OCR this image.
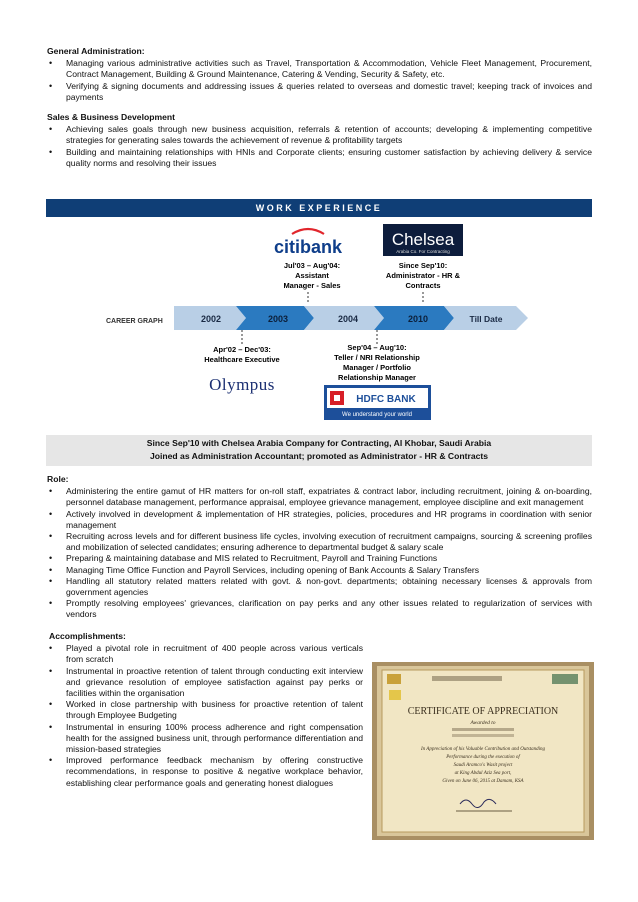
General Administration:
• Managing various administrative activities such as Travel, Transportation & Accommodation, Vehicle Fleet Management, Procurement, Contract Management, Building & Ground Maintenance, Catering & Vending, Security & Safety, etc.
• Verifying & signing documents and addressing issues & queries related to overseas and domestic travel; keeping track of invoices and payments
Sales & Business Development
• Achieving sales goals through new business acquisition, referrals & retention of accounts; developing & implementing competitive strategies for generating sales towards the achievement of revenue & profitability targets
• Building and maintaining relationships with HNIs and Corporate clients; ensuring customer satisfaction by achieving delivery & service quality norms and resolving their issues
WORK EXPERIENCE
citibank
Jul'03 – Aug'04:
Assistant
Manager - Sales
Chelsea
Arabia Co. For Contracting
Since Sep'10:
Administrator - HR &
Contracts
CAREER GRAPH	2002	2003	2004	2010	Till Date
Apr'02 – Dec'03:
Healthcare Executive
Olympus
Sep'04 – Aug'10:
Teller / NRI Relationship
Manager / Portfolio
Relationship Manager
HDFC BANK
We understand your world
Since Sep'10 with Chelsea Arabia Company for Contracting, Al Khobar, Saudi Arabia
Joined as Administration Accountant; promoted as Administrator - HR & Contracts
Role:
• Administering the entire gamut of HR matters for on-roll staff, expatriates & contract labor, including recruitment, joining & on-boarding, personnel database management, performance appraisal, employee grievance management, employee discipline and exit management
• Actively involved in development & implementation of HR strategies, policies, procedures and HR programs in coordination with senior management
• Recruiting across levels and for different business life cycles, involving execution of recruitment campaigns, sourcing & screening profiles and mobilization of selected candidates; ensuring adherence to departmental budget & salary scale
• Preparing & maintaining database and MIS related to Recruitment, Payroll and Training Functions
• Managing Time Office Function and Payroll Services, including opening of Bank Accounts & Salary Transfers
• Handling all statutory related matters related with govt. & non-govt. departments; obtaining necessary licenses & approvals from government agencies
• Promptly resolving employees' grievances, clarification on pay perks and any other issues related to regularization of services with vendors
Accomplishments:
• Played a pivotal role in recruitment of 400 people across various verticals from scratch
• Instrumental in proactive retention of talent through conducting exit interview and grievance resolution of employee satisfaction against pay perks or facilities within the organisation
• Worked in close partnership with business for proactive retention of talent through Employee Budgeting
• Instrumental in ensuring 100% process adherence and right compensation health for the assigned business unit, through performance differentiation and mission-based strategies
• Improved performance feedback mechanism by offering constructive recommendations, in response to positive & negative workplace behavior, establishing clear performance goals and generating honest dialogues
CERTIFICATE OF APPRECIATION
Awarded to
In Appreciation of his Valuable Contribution and Outstanding
Performance during the execution of
Saudi Aramco's Wasit project
at King Abdul Aziz Sea port,
Given on June 06, 2015 at Damam, KSA
